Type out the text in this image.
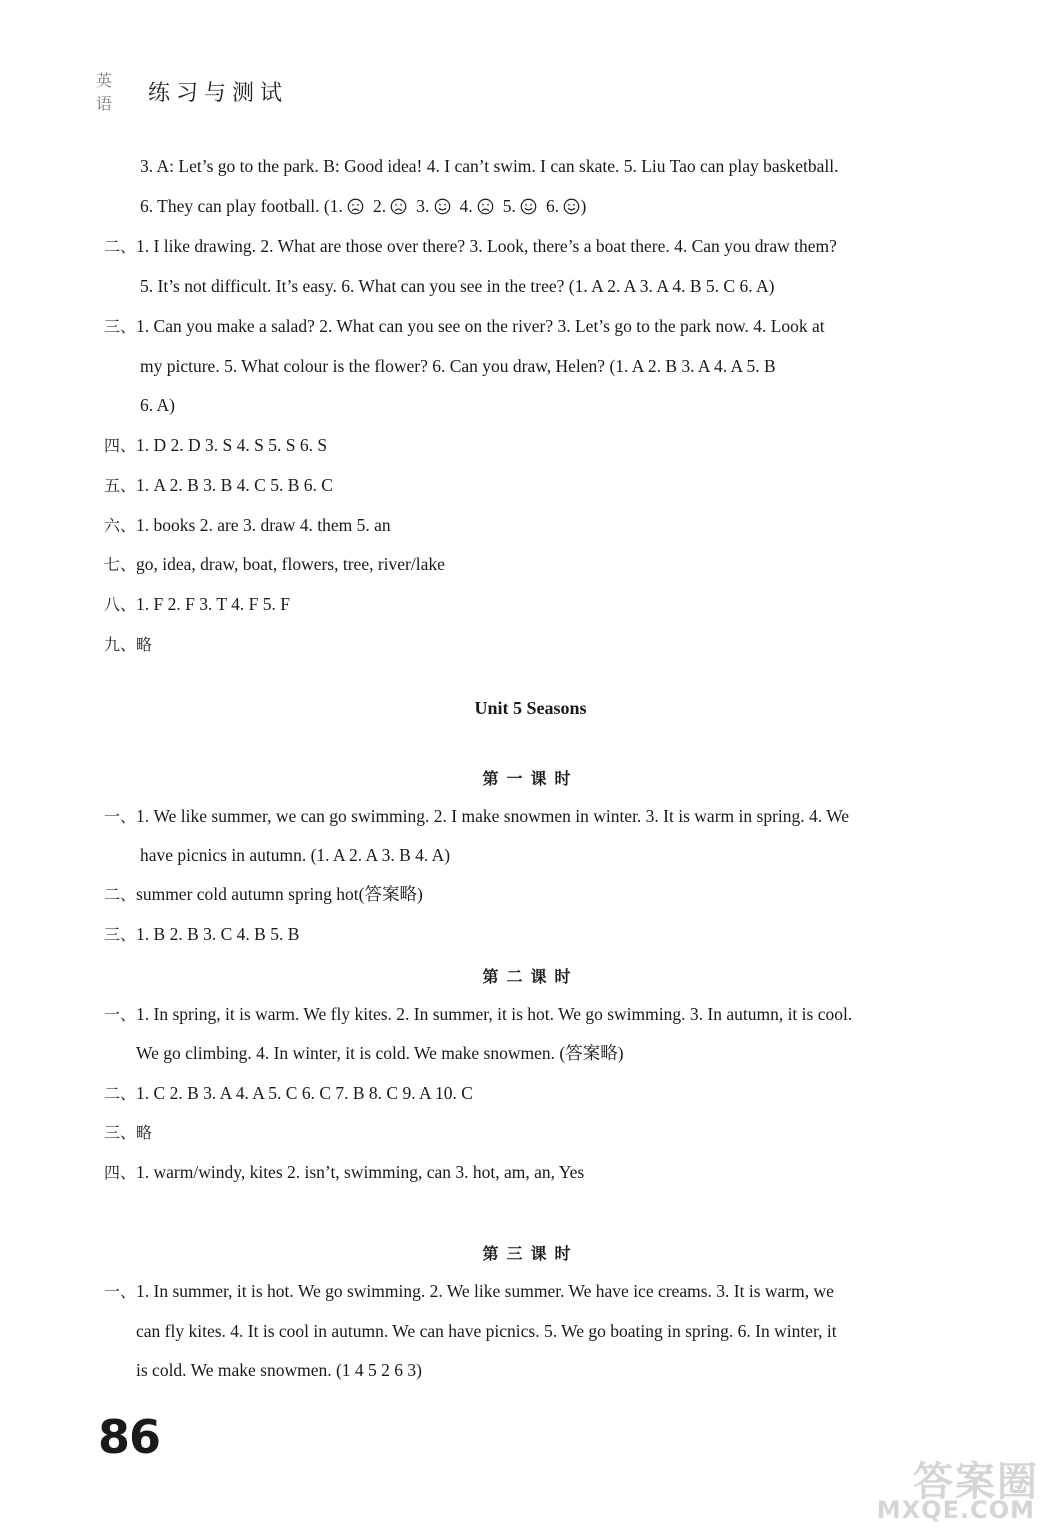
英语 练习与测试
3. A: Let’s go to the park. B: Good idea! 4. I can’t swim. I can skate. 5. Liu Tao can play basketball.
6. They can play football. (1.   2.   3.   4.   5.   6. )
二、1. I like drawing. 2. What are those over there? 3. Look, there’s a boat there. 4. Can you draw them?
5. It’s not difficult. It’s easy. 6. What can you see in the tree? (1. A 2. A 3. A 4. B 5. C 6. A)
三、1. Can you make a salad? 2. What can you see on the river? 3. Let’s go to the park now. 4. Look at
my picture. 5. What colour is the flower? 6. Can you draw, Helen? (1. A 2. B 3. A 4. A 5. B
6. A)
四、1. D 2. D 3. S 4. S 5. S 6. S
五、1. A 2. B 3. B 4. C 5. B 6. C
六、1. books 2. are 3. draw 4. them 5. an
七、go, idea, draw, boat, flowers, tree, river/lake
八、1. F 2. F 3. T 4. F 5. F
九、略
Unit 5 Seasons
第一课时
一、1. We like summer, we can go swimming. 2. I make snowmen in winter. 3. It is warm in spring. 4. We
have picnics in autumn. (1. A 2. A 3. B 4. A)
二、summer cold autumn spring hot(答案略)
三、1. B 2. B 3. C 4. B 5. B
第二课时
一、1. In spring, it is warm. We fly kites. 2. In summer, it is hot. We go swimming. 3. In autumn, it is cool.
We go climbing. 4. In winter, it is cold. We make snowmen. (答案略)
二、1. C 2. B 3. A 4. A 5. C 6. C 7. B 8. C 9. A 10. C
三、略
四、1. warm/windy, kites 2. isn’t, swimming, can 3. hot, am, an, Yes
第三课时
一、1. In summer, it is hot. We go swimming. 2. We like summer. We have ice creams. 3. It is warm, we
can fly kites. 4. It is cool in autumn. We can have picnics. 5. We go boating in spring. 6. In winter, it
is cold. We make snowmen. (1 4 5 2 6 3)
86
答案圈
MXQE.COM
